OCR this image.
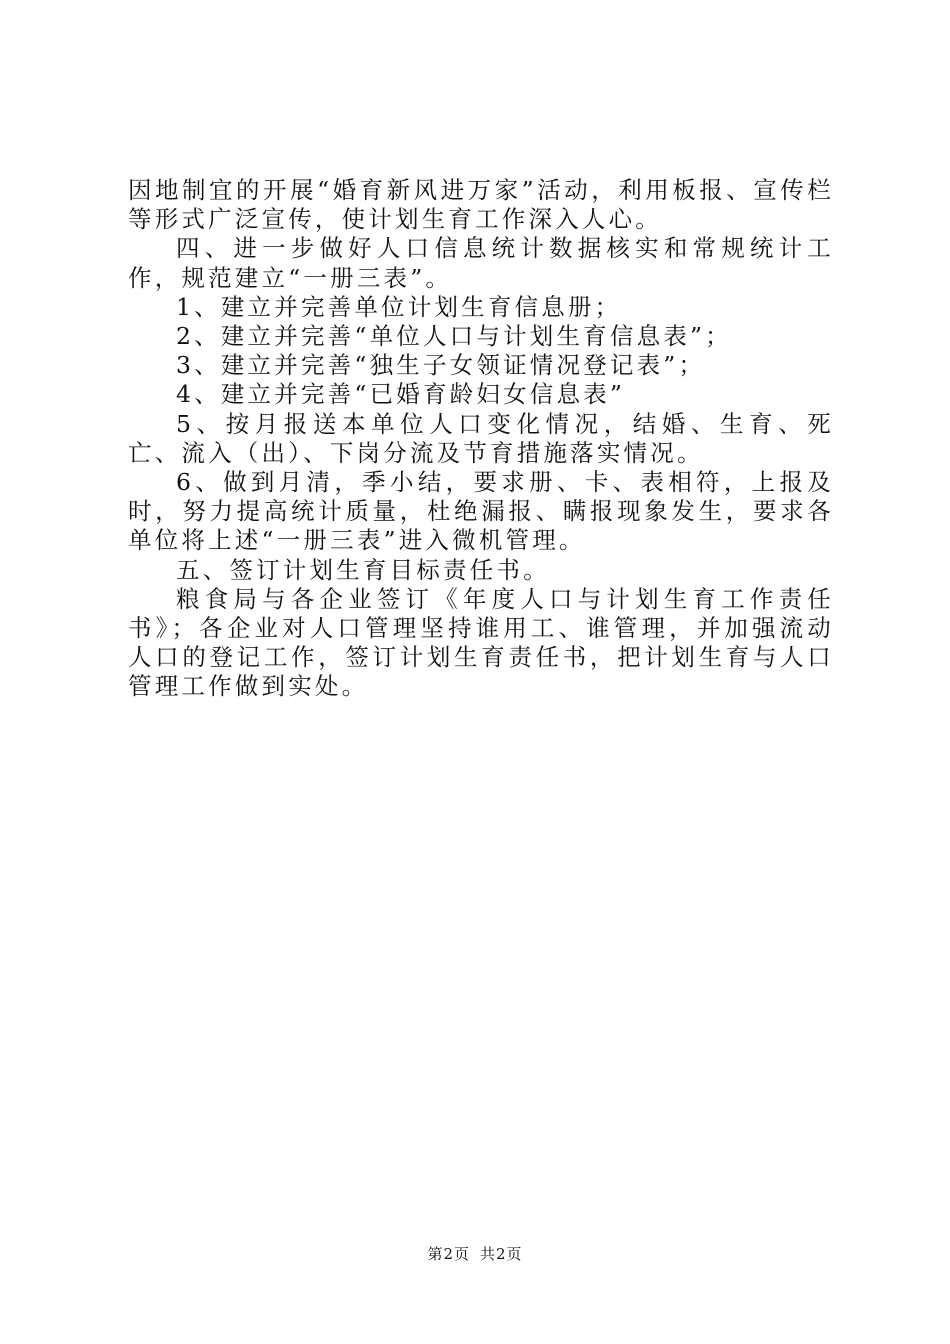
因地制宜的开展“婚育新风进万家”活动，利用板报、宣传栏等形式广泛宣传，使计划生育工作深入人心。

四、进一步做好人口信息统计数据核实和常规统计工作，规范建立“一册三表”。

1、建立并完善单位计划生育信息册；

2、建立并完善“单位人口与计划生育信息表”；

3、建立并完善“独生子女领证情况登记表”；

4、建立并完善“已婚育龄妇女信息表”

5、按月报送本单位人口变化情况，结婚、生育、死亡、流入（出）、下岗分流及节育措施落实情况。

6、做到月清，季小结，要求册、卡、表相符，上报及时，努力提高统计质量，杜绝漏报、瞒报现象发生，要求各单位将上述“一册三表”进入微机管理。

五、签订计划生育目标责任书。

粮食局与各企业签订《年度人口与计划生育工作责任书》；各企业对人口管理坚持谁用工、谁管理，并加强流动人口的登记工作，签订计划生育责任书，把计划生育与人口管理工作做到实处。

第2页 共2页
